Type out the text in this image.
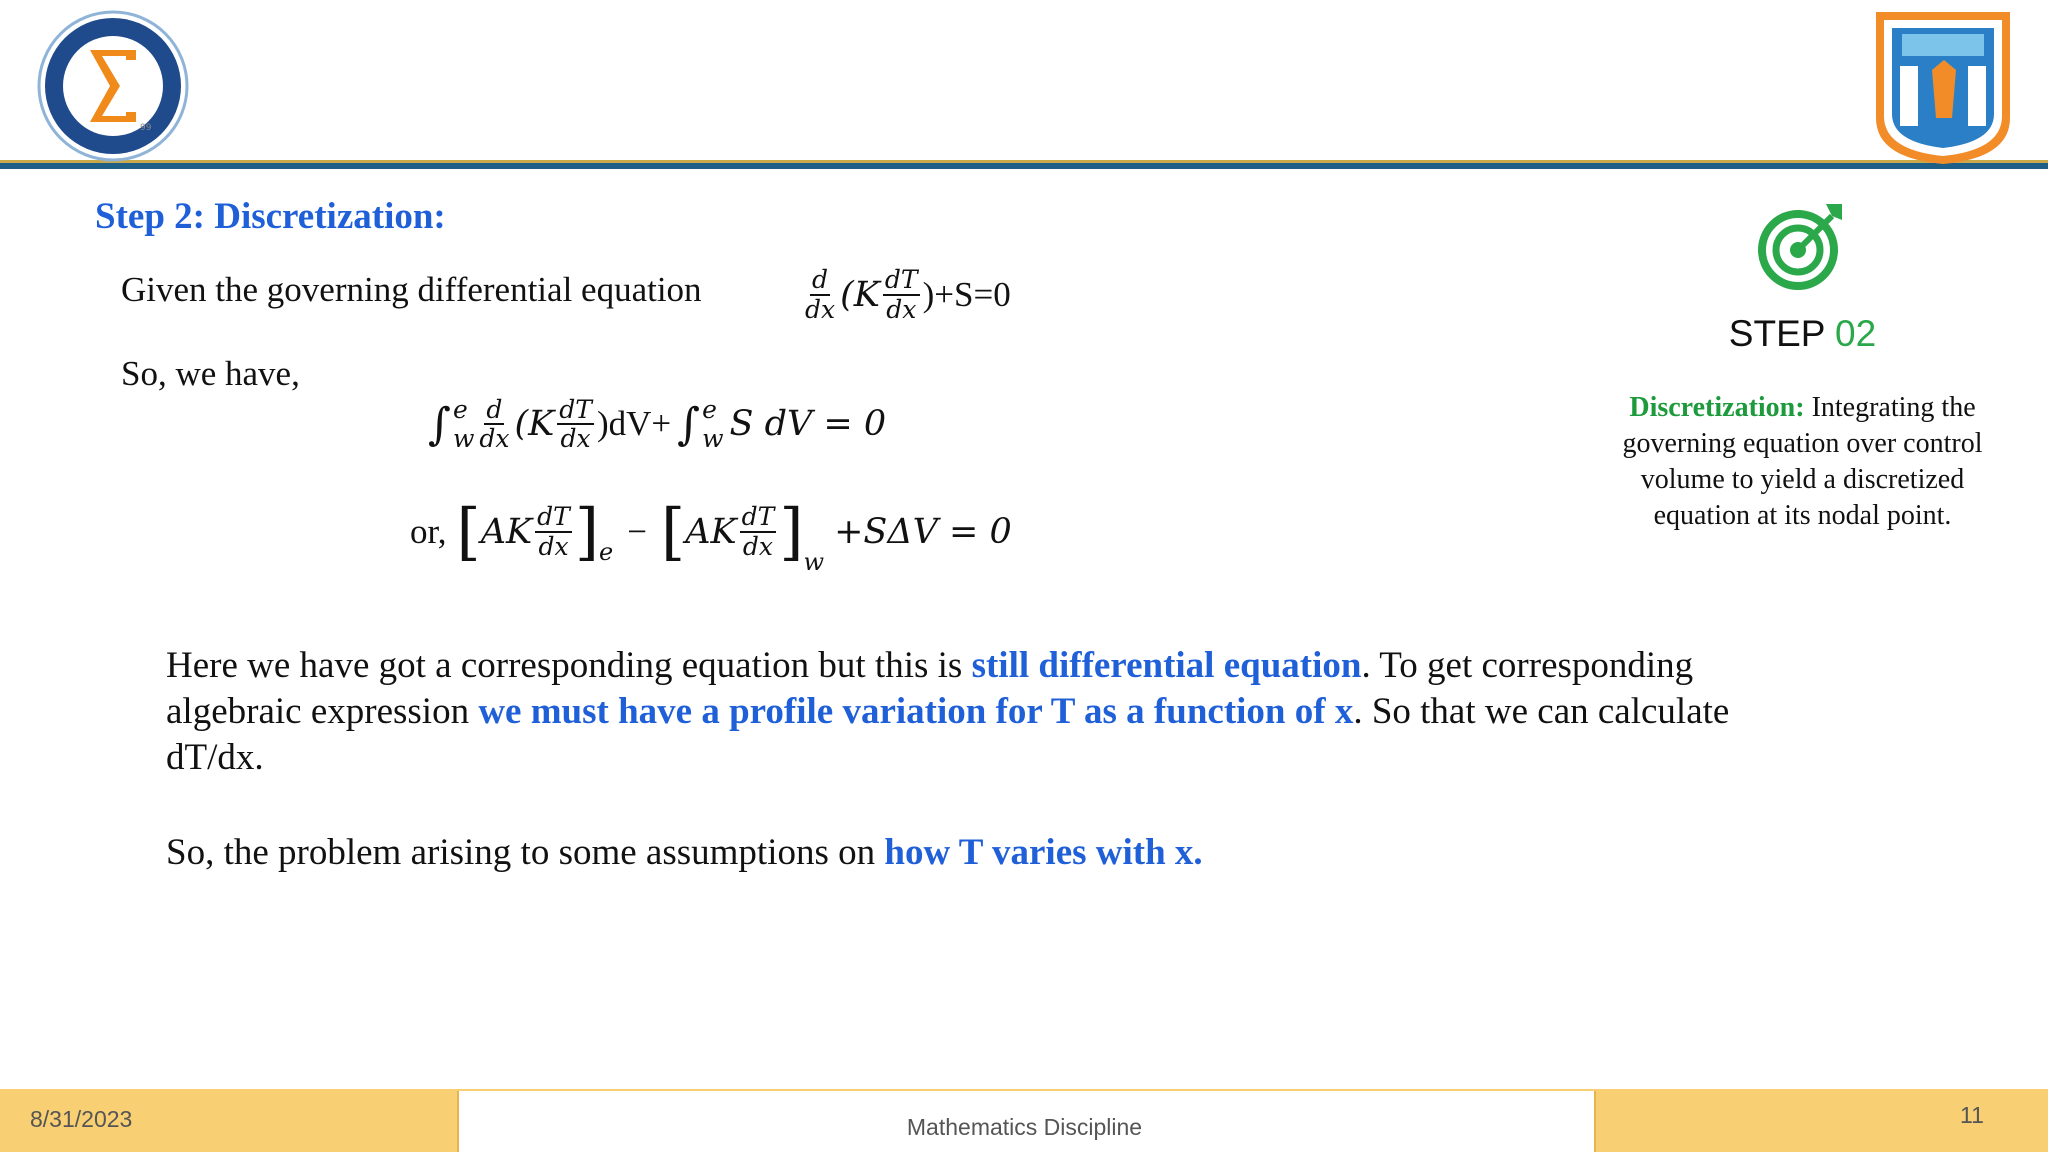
99
Step 2: Discretization:
Given the governing differential equation	$\frac{d}{dx} (K \frac{dT}{dx} )+S=0$
So, we have,
∫ e
w $\frac{d}{dx} (K \frac{dT}{dx} )dV+$ ∫ e
w S dV = 0
or, [ AK $\frac{dT}{dx}$ ] e
− [ AK $\frac{dT}{dx}$ ] w
+SΔV = 0
Here we have got a corresponding equation but this is still differential equation. To get corresponding algebraic expression we must have a profile variation for T as a function of x. So that we can calculate dT/dx.
So, the problem arising to some assumptions on how T varies with x.
STEP 02
Discretization: Integrating the governing equation over control volume to yield a discretized equation at its nodal point.
8/31/2023	Mathematics Discipline	11
